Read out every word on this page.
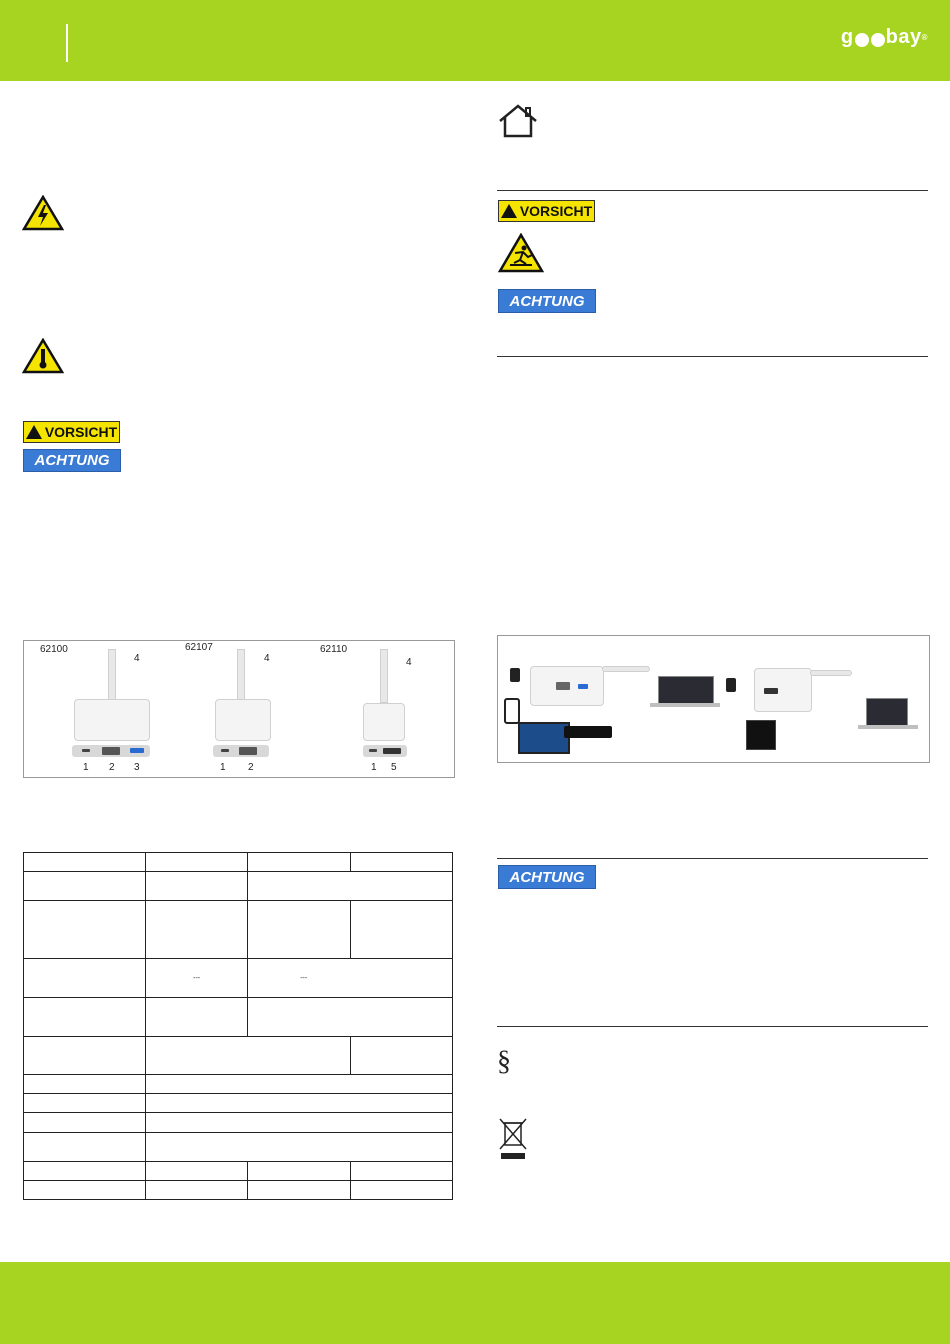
g bay ®
VORSICHT
ACHTUNG
62100	62107	62110
4
1 2 3
4
1 2
4
1 5

	---	---	

VORSICHT
ACHTUNG
ACHTUNG
§
